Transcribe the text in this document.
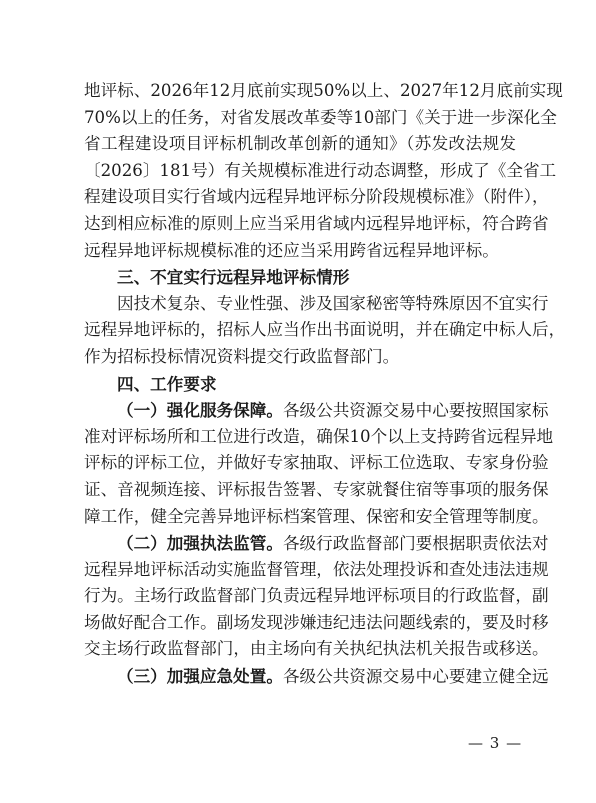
地评标、2026年12月底前实现50%以上、2027年12月底前实现
70%以上的任务，对省发展改革委等10部门《关于进一步深化全
省工程建设项目评标机制改革创新的通知》（苏发改法规发
〔2026〕181号）有关规模标准进行动态调整，形成了《全省工
程建设项目实行省域内远程异地评标分阶段规模标准》（附件），
达到相应标准的原则上应当采用省域内远程异地评标，符合跨省
远程异地评标规模标准的还应当采用跨省远程异地评标。
三、不宜实行远程异地评标情形
因技术复杂、专业性强、涉及国家秘密等特殊原因不宜实行
远程异地评标的，招标人应当作出书面说明，并在确定中标人后，
作为招标投标情况资料提交行政监督部门。
四、工作要求
（一）强化服务保障。各级公共资源交易中心要按照国家标
准对评标场所和工位进行改造，确保10个以上支持跨省远程异地
评标的评标工位，并做好专家抽取、评标工位选取、专家身份验
证、音视频连接、评标报告签署、专家就餐住宿等事项的服务保
障工作，健全完善异地评标档案管理、保密和安全管理等制度。
（二）加强执法监管。各级行政监督部门要根据职责依法对
远程异地评标活动实施监督管理，依法处理投诉和查处违法违规
行为。主场行政监督部门负责远程异地评标项目的行政监督，副
场做好配合工作。副场发现涉嫌违纪违法问题线索的，要及时移
交主场行政监督部门，由主场向有关执纪执法机关报告或移送。
（三）加强应急处置。各级公共资源交易中心要建立健全远
— 3 —
